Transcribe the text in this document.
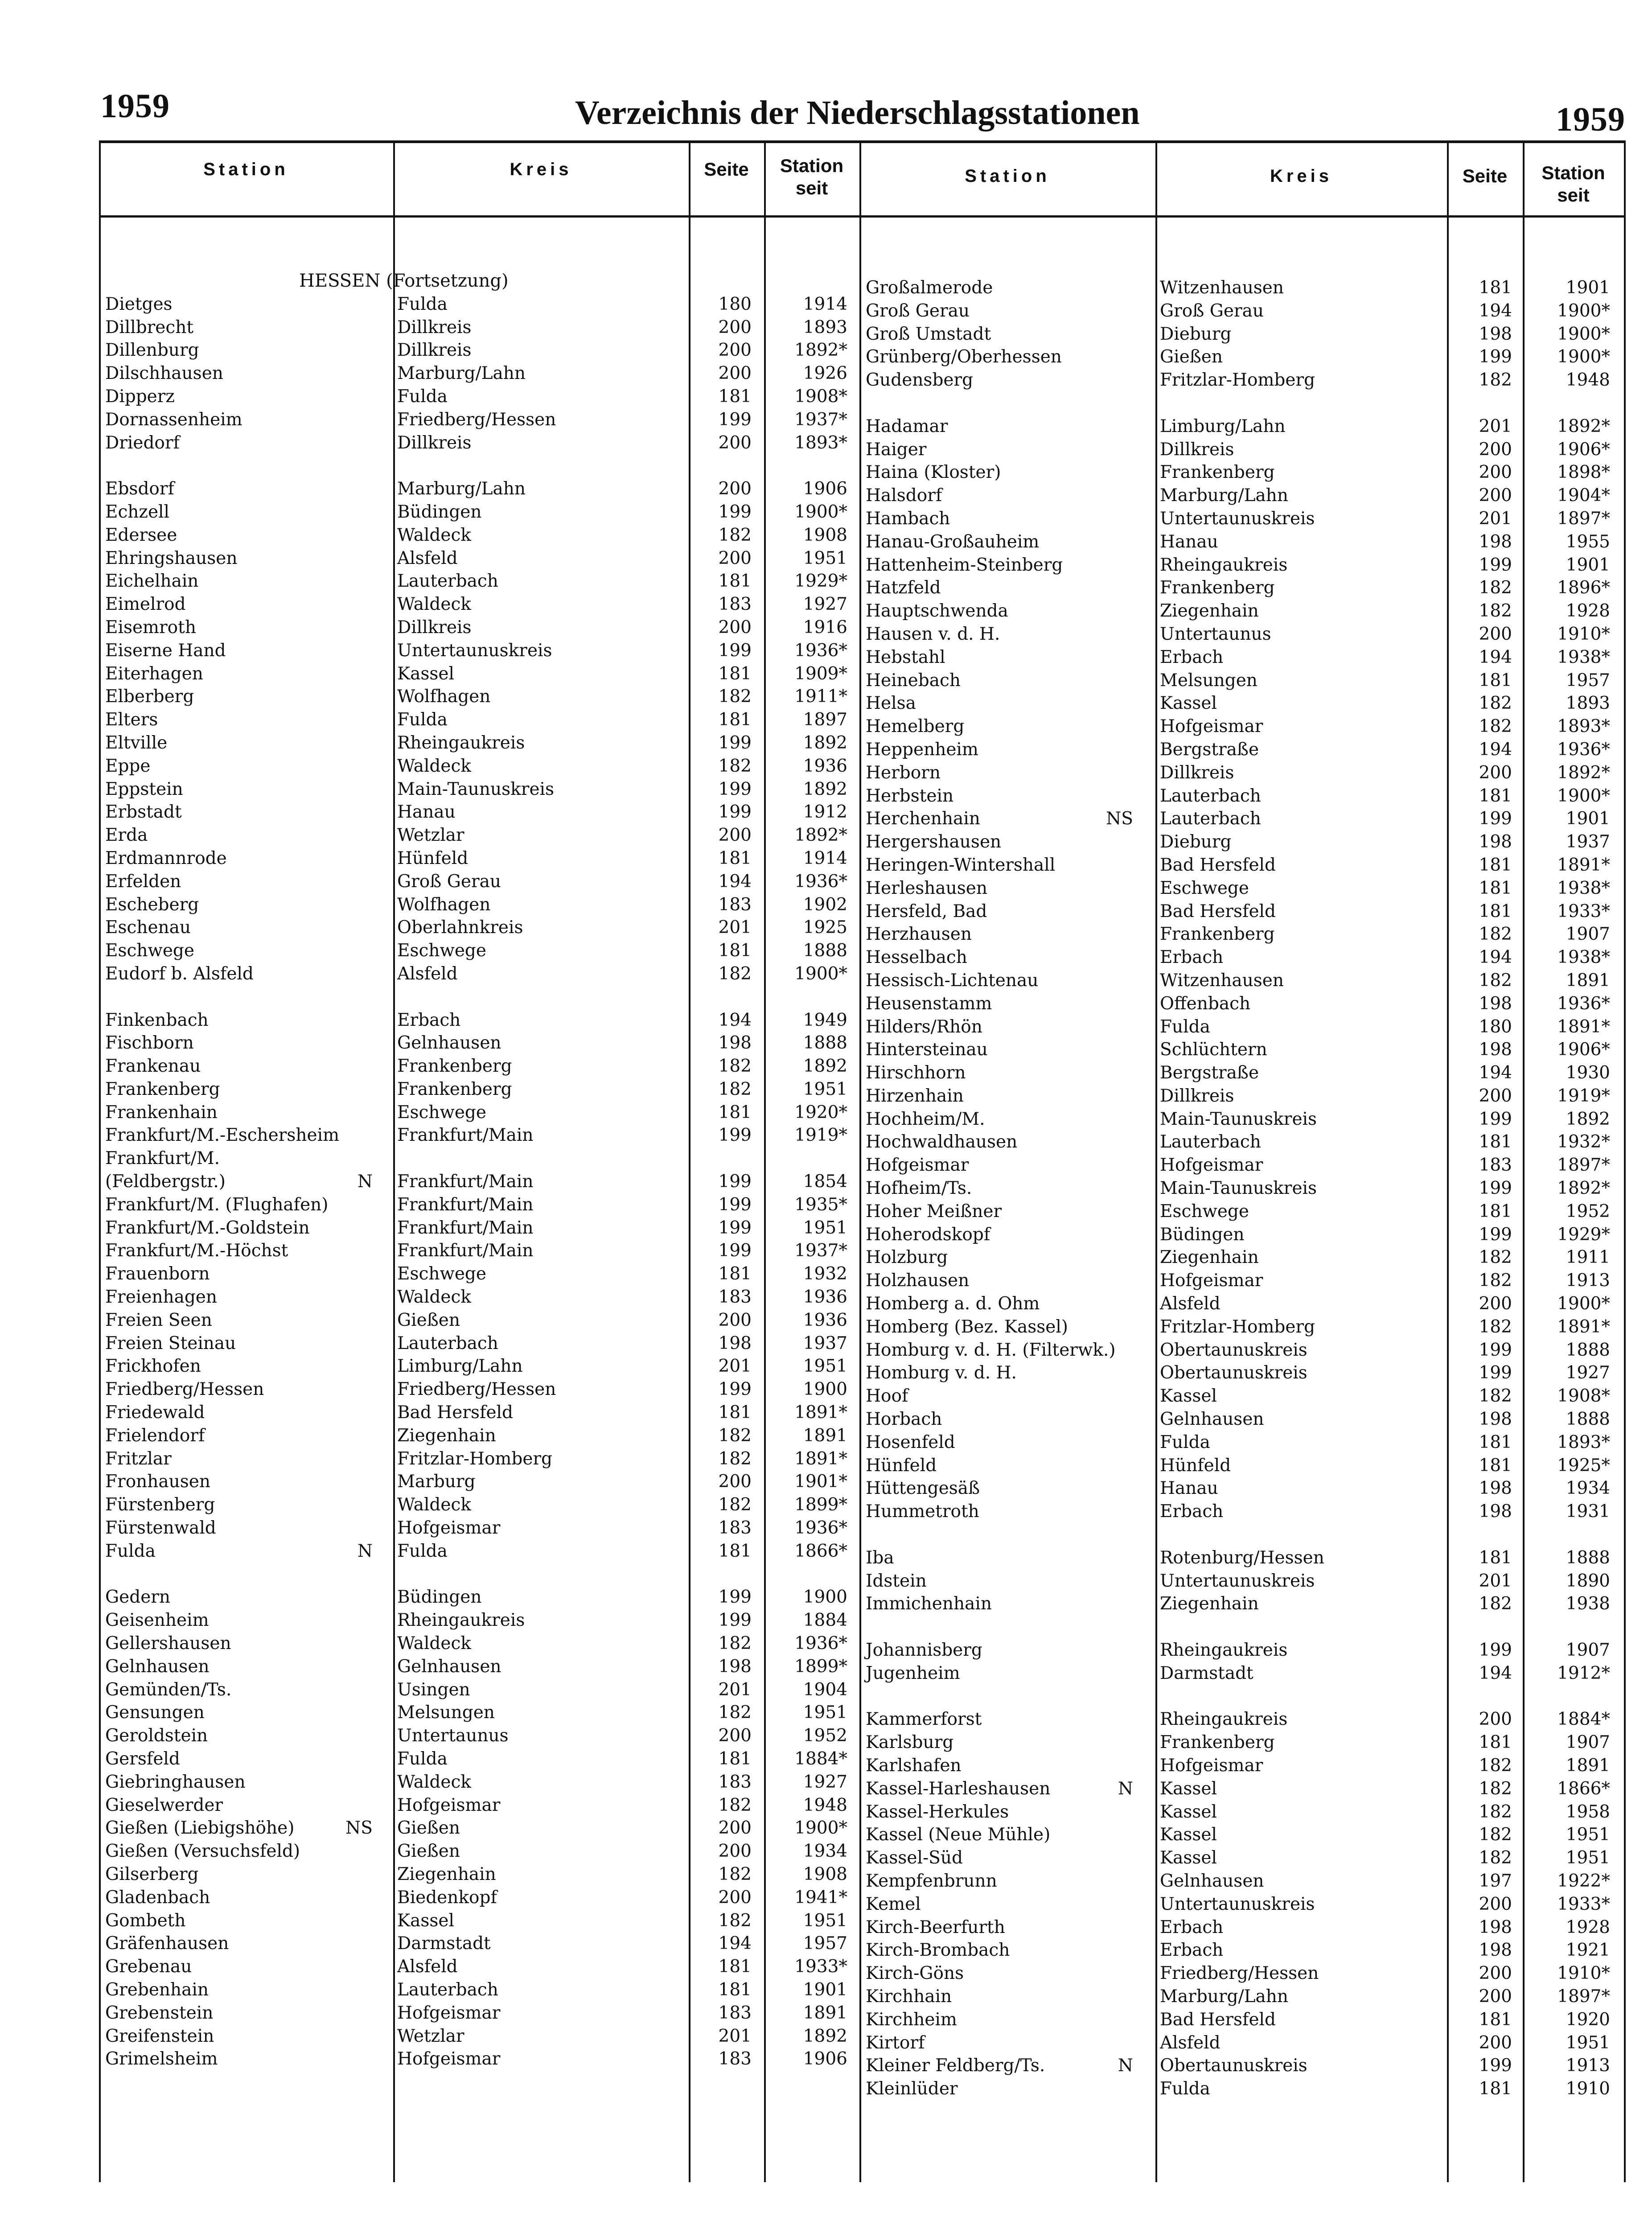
1959	Verzeichnis der Niederschlagsstationen	1959
Station	Kreis	Seite	Station
seit
Station	Kreis	Seite	Station
seit
HESSEN (Fortsetzung)
Dietges	Fulda	180	1914
Dillbrecht	Dillkreis	200	1893
Dillenburg	Dillkreis	200	1892*
Dilschhausen	Marburg/Lahn	200	1926
Dipperz	Fulda	181	1908*
Dornassenheim	Friedberg/Hessen	199	1937*
Driedorf	Dillkreis	200	1893*
Ebsdorf	Marburg/Lahn	200	1906
Echzell	Büdingen	199	1900*
Edersee	Waldeck	182	1908
Ehringshausen	Alsfeld	200	1951
Eichelhain	Lauterbach	181	1929*
Eimelrod	Waldeck	183	1927
Eisemroth	Dillkreis	200	1916
Eiserne Hand	Untertaunuskreis	199	1936*
Eiterhagen	Kassel	181	1909*
Elberberg	Wolfhagen	182	1911*
Elters	Fulda	181	1897
Eltville	Rheingaukreis	199	1892
Eppe	Waldeck	182	1936
Eppstein	Main-Taunuskreis	199	1892
Erbstadt	Hanau	199	1912
Erda	Wetzlar	200	1892*
Erdmannrode	Hünfeld	181	1914
Erfelden	Groß Gerau	194	1936*
Escheberg	Wolfhagen	183	1902
Eschenau	Oberlahnkreis	201	1925
Eschwege	Eschwege	181	1888
Eudorf b. Alsfeld	Alsfeld	182	1900*
Finkenbach	Erbach	194	1949
Fischborn	Gelnhausen	198	1888
Frankenau	Frankenberg	182	1892
Frankenberg	Frankenberg	182	1951
Frankenhain	Eschwege	181	1920*
Frankfurt/M.-Eschersheim	Frankfurt/Main	199	1919*
Frankfurt/M.
(Feldbergstr.)	N Frankfurt/Main	199	1854
Frankfurt/M. (Flughafen)	Frankfurt/Main	199	1935*
Frankfurt/M.-Goldstein	Frankfurt/Main	199	1951
Frankfurt/M.-Höchst	Frankfurt/Main	199	1937*
Frauenborn	Eschwege	181	1932
Freienhagen	Waldeck	183	1936
Freien Seen	Gießen	200	1936
Freien Steinau	Lauterbach	198	1937
Frickhofen	Limburg/Lahn	201	1951
Friedberg/Hessen	Friedberg/Hessen	199	1900
Friedewald	Bad Hersfeld	181	1891*
Frielendorf	Ziegenhain	182	1891
Fritzlar	Fritzlar-Homberg	182	1891*
Fronhausen	Marburg	200	1901*
Fürstenberg	Waldeck	182	1899*
Fürstenwald	Hofgeismar	183	1936*
Fulda	N Fulda	181	1866*
Gedern	Büdingen	199	1900
Geisenheim	Rheingaukreis	199	1884
Gellershausen	Waldeck	182	1936*
Gelnhausen	Gelnhausen	198	1899*
Gemünden/Ts.	Usingen	201	1904
Gensungen	Melsungen	182	1951
Geroldstein	Untertaunus	200	1952
Gersfeld	Fulda	181	1884*
Giebringhausen	Waldeck	183	1927
Gieselwerder	Hofgeismar	182	1948
Gießen (Liebigshöhe)	NS Gießen	200	1900*
Gießen (Versuchsfeld)	Gießen	200	1934
Gilserberg	Ziegenhain	182	1908
Gladenbach	Biedenkopf	200	1941*
Gombeth	Kassel	182	1951
Gräfenhausen	Darmstadt	194	1957
Grebenau	Alsfeld	181	1933*
Grebenhain	Lauterbach	181	1901
Grebenstein	Hofgeismar	183	1891
Greifenstein	Wetzlar	201	1892
Grimelsheim	Hofgeismar	183	1906
Großalmerode	Witzenhausen	181	1901
Groß Gerau	Groß Gerau	194	1900*
Groß Umstadt	Dieburg	198	1900*
Grünberg/Oberhessen	Gießen	199	1900*
Gudensberg	Fritzlar-Homberg	182	1948
Hadamar	Limburg/Lahn	201	1892*
Haiger	Dillkreis	200	1906*
Haina (Kloster)	Frankenberg	200	1898*
Halsdorf	Marburg/Lahn	200	1904*
Hambach	Untertaunuskreis	201	1897*
Hanau-Großauheim	Hanau	198	1955
Hattenheim-Steinberg	Rheingaukreis	199	1901
Hatzfeld	Frankenberg	182	1896*
Hauptschwenda	Ziegenhain	182	1928
Hausen v. d. H.	Untertaunus	200	1910*
Hebstahl	Erbach	194	1938*
Heinebach	Melsungen	181	1957
Helsa	Kassel	182	1893
Hemelberg	Hofgeismar	182	1893*
Heppenheim	Bergstraße	194	1936*
Herborn	Dillkreis	200	1892*
Herbstein	Lauterbach	181	1900*
Herchenhain	NS Lauterbach	199	1901
Hergershausen	Dieburg	198	1937
Heringen-Wintershall	Bad Hersfeld	181	1891*
Herleshausen	Eschwege	181	1938*
Hersfeld, Bad	Bad Hersfeld	181	1933*
Herzhausen	Frankenberg	182	1907
Hesselbach	Erbach	194	1938*
Hessisch-Lichtenau	Witzenhausen	182	1891
Heusenstamm	Offenbach	198	1936*
Hilders/Rhön	Fulda	180	1891*
Hintersteinau	Schlüchtern	198	1906*
Hirschhorn	Bergstraße	194	1930
Hirzenhain	Dillkreis	200	1919*
Hochheim/M.	Main-Taunuskreis	199	1892
Hochwaldhausen	Lauterbach	181	1932*
Hofgeismar	Hofgeismar	183	1897*
Hofheim/Ts.	Main-Taunuskreis	199	1892*
Hoher Meißner	Eschwege	181	1952
Hoherodskopf	Büdingen	199	1929*
Holzburg	Ziegenhain	182	1911
Holzhausen	Hofgeismar	182	1913
Homberg a. d. Ohm	Alsfeld	200	1900*
Homberg (Bez. Kassel)	Fritzlar-Homberg	182	1891*
Homburg v. d. H. (Filterwk.)	Obertaunuskreis	199	1888
Homburg v. d. H.	Obertaunuskreis	199	1927
Hoof	Kassel	182	1908*
Horbach	Gelnhausen	198	1888
Hosenfeld	Fulda	181	1893*
Hünfeld	Hünfeld	181	1925*
Hüttengesäß	Hanau	198	1934
Hummetroth	Erbach	198	1931
Iba	Rotenburg/Hessen	181	1888
Idstein	Untertaunuskreis	201	1890
Immichenhain	Ziegenhain	182	1938
Johannisberg	Rheingaukreis	199	1907
Jugenheim	Darmstadt	194	1912*
Kammerforst	Rheingaukreis	200	1884*
Karlsburg	Frankenberg	181	1907
Karlshafen	Hofgeismar	182	1891
Kassel-Harleshausen	N Kassel	182	1866*
Kassel-Herkules	Kassel	182	1958
Kassel (Neue Mühle)	Kassel	182	1951
Kassel-Süd	Kassel	182	1951
Kempfenbrunn	Gelnhausen	197	1922*
Kemel	Untertaunuskreis	200	1933*
Kirch-Beerfurth	Erbach	198	1928
Kirch-Brombach	Erbach	198	1921
Kirch-Göns	Friedberg/Hessen	200	1910*
Kirchhain	Marburg/Lahn	200	1897*
Kirchheim	Bad Hersfeld	181	1920
Kirtorf	Alsfeld	200	1951
Kleiner Feldberg/Ts.	N Obertaunuskreis	199	1913
Kleinlüder	Fulda	181	1910
